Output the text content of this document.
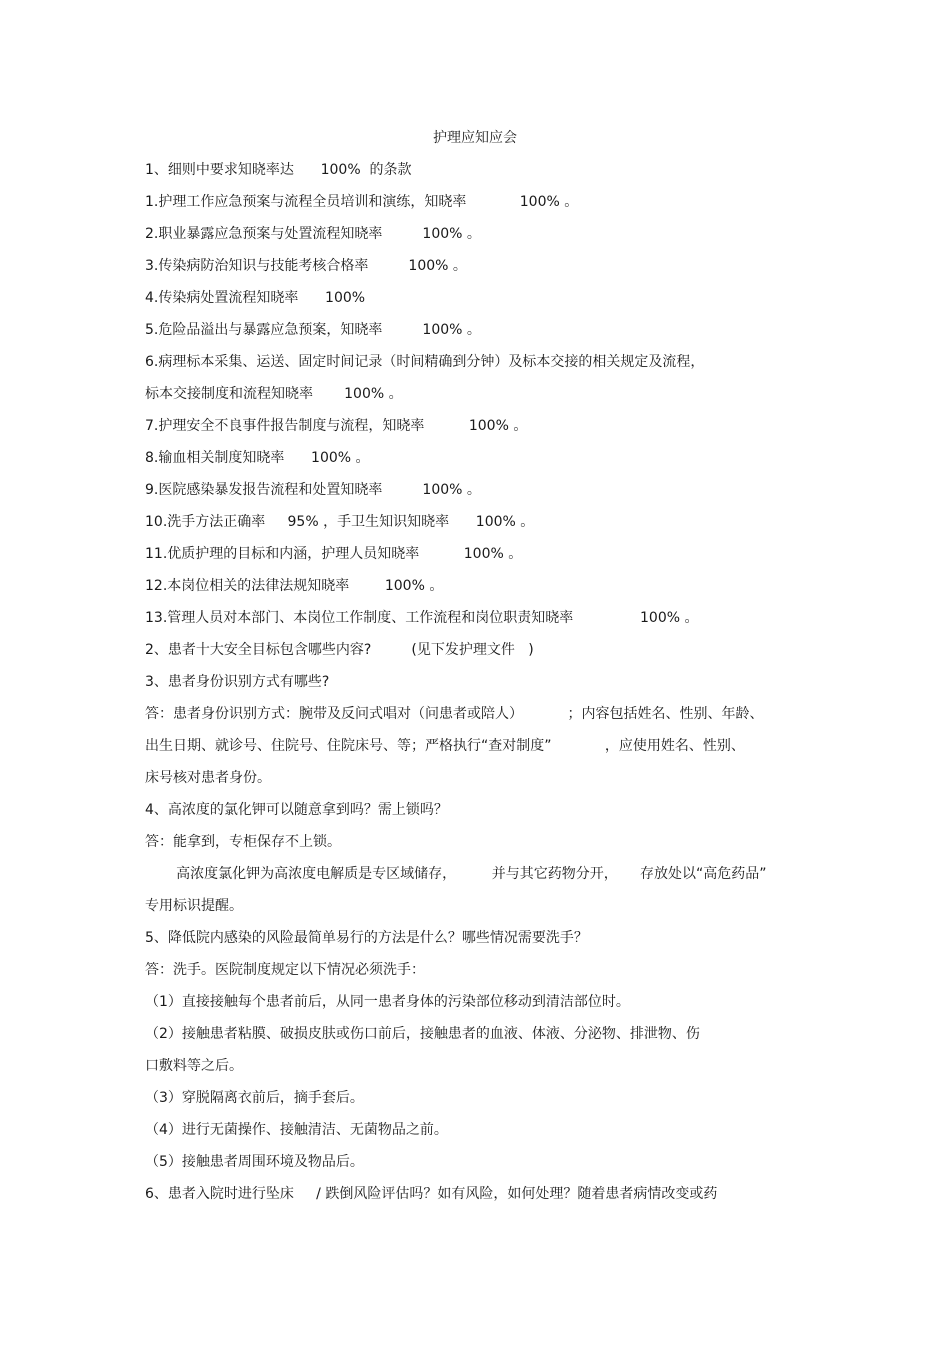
护理应知应会
1、细则中要求知晓率达      100%  的条款
1.护理工作应急预案与流程全员培训和演练，知晓率            100% 。
2.职业暴露应急预案与处置流程知晓率         100% 。
3.传染病防治知识与技能考核合格率         100% 。
4.传染病处置流程知晓率      100%
5.危险品溢出与暴露应急预案，知晓率         100% 。
6.病理标本采集、运送、固定时间记录（时间精确到分钟）及标本交接的相关规定及流程，
标本交接制度和流程知晓率       100% 。
7.护理安全不良事件报告制度与流程，知晓率          100% 。
8.输血相关制度知晓率      100% 。
9.医院感染暴发报告流程和处置知晓率         100% 。
10.洗手方法正确率     95% ，手卫生知识知晓率      100% 。
11.优质护理的目标和内涵，护理人员知晓率          100% 。
12.本岗位相关的法律法规知晓率        100% 。
13.管理人员对本部门、本岗位工作制度、工作流程和岗位职责知晓率               100% 。
2、患者十大安全目标包含哪些内容?         (见下发护理文件   )
3、患者身份识别方式有哪些?
答：患者身份识别方式：腕带及反问式唱对（问患者或陪人）          ；内容包括姓名、性别、年龄、
出生日期、就诊号、住院号、住院床号、等；严格执行“查对制度”            ，应使用姓名、性别、
床号核对患者身份。
4、高浓度的氯化钾可以随意拿到吗？需上锁吗？
答：能拿到，专柜保存不上锁。
高浓度氯化钾为高浓度电解质是专区域储存，        并与其它药物分开，     存放处以“高危药品”
专用标识提醒。
5、降低院内感染的风险最简单易行的方法是什么？哪些情况需要洗手？
答：洗手。医院制度规定以下情况必须洗手：
（1）直接接触每个患者前后，从同一患者身体的污染部位移动到清洁部位时。
（2）接触患者粘膜、破损皮肤或伤口前后，接触患者的血液、体液、分泌物、排泄物、伤
口敷料等之后。
（3）穿脱隔离衣前后，摘手套后。
（4）进行无菌操作、接触清洁、无菌物品之前。
（5）接触患者周围环境及物品后。
6、患者入院时进行坠床     / 跌倒风险评估吗？如有风险，如何处理？随着患者病情改变或药
